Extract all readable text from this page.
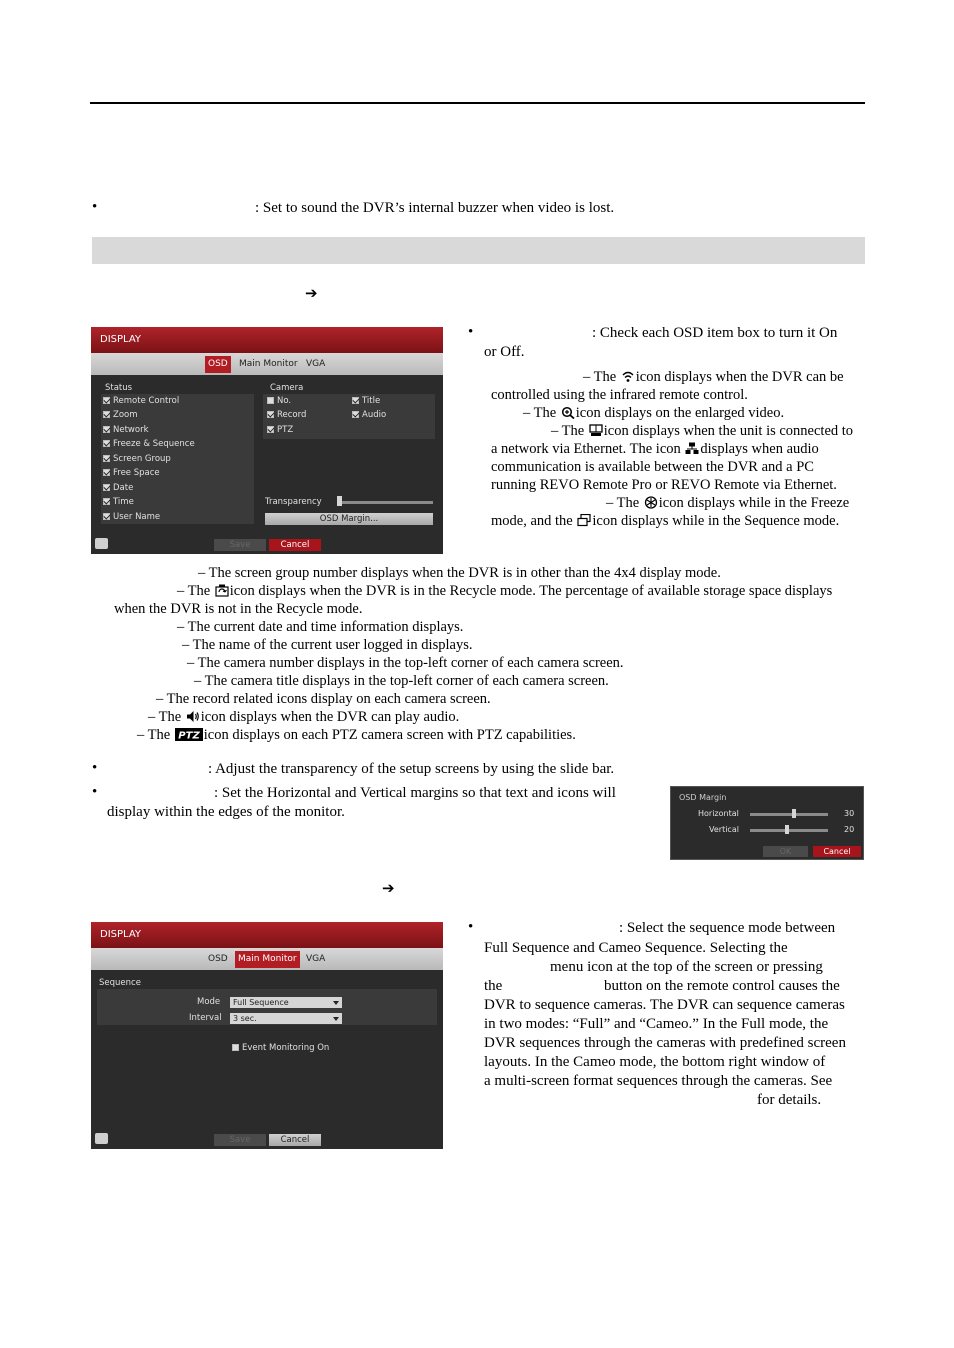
•	: Set to sound the DVR’s internal buzzer when video is lost.
➔
DISPLAY
OSD	Main Monitor VGA
Status	Camera
Remote Control
Zoom
Network
Freeze & Sequence
Screen Group
Free Space
Date
Time
User Name
No.	Title
Record	Audio
PTZ
Transparency
OSD Margin...
Save	Cancel
•	: Check each OSD item box to turn it On
or Off.
– The icon displays when the DVR can be
controlled using the infrared remote control.
– The icon displays on the enlarged video.
– The icon displays when the unit is connected to
a network via Ethernet. The icon displays when audio
communication is available between the DVR and a PC
running REVO Remote Pro or REVO Remote via Ethernet.
– The icon displays while in the Freeze
mode, and the icon displays while in the Sequence mode.
– The screen group number displays when the DVR is in other than the 4x4 display mode.
– The icon displays when the DVR is in the Recycle mode. The percentage of available storage space displays
when the DVR is not in the Recycle mode.
– The current date and time information displays.
– The name of the current user logged in displays.
– The camera number displays in the top-left corner of each camera screen.
– The camera title displays in the top-left corner of each camera screen.
– The record related icons display on each camera screen.
– The icon displays when the DVR can play audio.
– The PTZ icon displays on each PTZ camera screen with PTZ capabilities.
•	: Adjust the transparency of the setup screens by using the slide bar.
•	: Set the Horizontal and Vertical margins so that text and icons will
display within the edges of the monitor.
OSD Margin
Horizontal	30
Vertical	20
OK	Cancel
➔
DISPLAY
OSD	Main Monitor	VGA
Sequence
Mode	Full Sequence
Interval	3 sec.
Event Monitoring On
Save	Cancel
•	: Select the sequence mode between
Full Sequence and Cameo Sequence. Selecting the
menu icon at the top of the screen or pressing
the	button on the remote control causes the
DVR to sequence cameras. The DVR can sequence cameras
in two modes: “Full” and “Cameo.” In the Full mode, the
DVR sequences through the cameras with predefined screen
layouts. In the Cameo mode, the bottom right window of
a multi-screen format sequences through the cameras. See
for details.
